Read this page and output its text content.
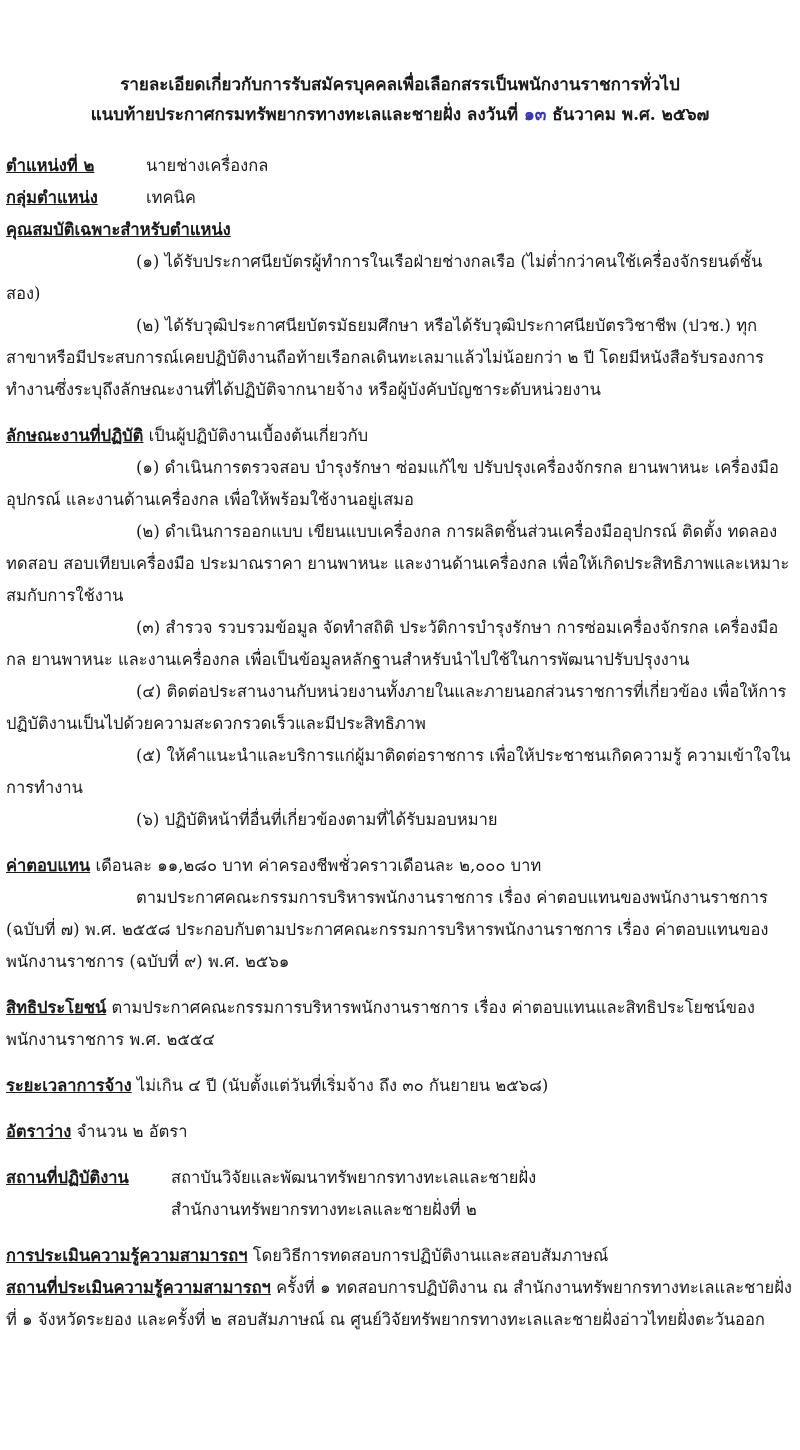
รายละเอียดเกี่ยวกับการรับสมัครบุคคลเพื่อเลือกสรรเป็นพนักงานราชการทั่วไป

แนบท้ายประกาศกรมทรัพยากรทางทะเลและชายฝั่ง ลงวันที่ ๑๓ ธันวาคม พ.ศ. ๒๕๖๗

ตำแหน่งที่ ๒	นายช่างเครื่องกล
กลุ่มตำแหน่ง	เทคนิค

คุณสมบัติเฉพาะสำหรับตำแหน่ง

(๑) ได้รับประกาศนียบัตรผู้ทำการในเรือฝ่ายช่างกลเรือ (ไม่ต่ำกว่าคนใช้เครื่องจักรยนต์ชั้นสอง)

(๒) ได้รับวุฒิประกาศนียบัตรมัธยมศึกษา หรือได้รับวุฒิประกาศนียบัตรวิชาชีพ (ปวช.) ทุกสาขาหรือมีประสบการณ์เคยปฏิบัติงานถือท้ายเรือกลเดินทะเลมาแล้วไม่น้อยกว่า ๒ ปี โดยมีหนังสือรับรองการทำงานซึ่งระบุถึงลักษณะงานที่ได้ปฏิบัติจากนายจ้าง หรือผู้บังคับบัญชาระดับหน่วยงาน

ลักษณะงานที่ปฏิบัติ เป็นผู้ปฏิบัติงานเบื้องต้นเกี่ยวกับ

(๑) ดำเนินการตรวจสอบ บำรุงรักษา ซ่อมแก้ไข ปรับปรุงเครื่องจักรกล ยานพาหนะ เครื่องมือ อุปกรณ์ และงานด้านเครื่องกล เพื่อให้พร้อมใช้งานอยู่เสมอ

(๒) ดำเนินการออกแบบ เขียนแบบเครื่องกล การผลิตชิ้นส่วนเครื่องมืออุปกรณ์ ติดตั้ง ทดลอง ทดสอบ สอบเทียบเครื่องมือ ประมาณราคา ยานพาหนะ และงานด้านเครื่องกล เพื่อให้เกิดประสิทธิภาพและเหมาะสมกับการใช้งาน

(๓) สำรวจ รวบรวมข้อมูล จัดทำสถิติ ประวัติการบำรุงรักษา การซ่อมเครื่องจักรกล เครื่องมือกล ยานพาหนะ และงานเครื่องกล เพื่อเป็นข้อมูลหลักฐานสำหรับนำไปใช้ในการพัฒนาปรับปรุงงาน

(๔) ติดต่อประสานงานกับหน่วยงานทั้งภายในและภายนอกส่วนราชการที่เกี่ยวข้อง เพื่อให้การปฏิบัติงานเป็นไปด้วยความสะดวกรวดเร็วและมีประสิทธิภาพ

(๕) ให้คำแนะนำและบริการแก่ผู้มาติดต่อราชการ เพื่อให้ประชาชนเกิดความรู้ ความเข้าใจในการทำงาน

(๖) ปฏิบัติหน้าที่อื่นที่เกี่ยวข้องตามที่ได้รับมอบหมาย

ค่าตอบแทน เดือนละ ๑๑,๒๘๐ บาท ค่าครองชีพชั่วคราวเดือนละ ๒,๐๐๐ บาท

ตามประกาศคณะกรรมการบริหารพนักงานราชการ เรื่อง ค่าตอบแทนของพนักงานราชการ (ฉบับที่ ๗) พ.ศ. ๒๕๕๘ ประกอบกับตามประกาศคณะกรรมการบริหารพนักงานราชการ เรื่อง ค่าตอบแทนของพนักงานราชการ (ฉบับที่ ๙) พ.ศ. ๒๕๖๑

สิทธิประโยชน์ ตามประกาศคณะกรรมการบริหารพนักงานราชการ เรื่อง ค่าตอบแทนและสิทธิประโยชน์ของพนักงานราชการ พ.ศ. ๒๕๕๔

ระยะเวลาการจ้าง ไม่เกิน ๔ ปี (นับตั้งแต่วันที่เริ่มจ้าง ถึง ๓๐ กันยายน ๒๕๖๘)

อัตราว่าง จำนวน ๒ อัตรา

สถานที่ปฏิบัติงาน	สถาบันวิจัยและพัฒนาทรัพยากรทางทะเลและชายฝั่ง

สำนักงานทรัพยากรทางทะเลและชายฝั่งที่ ๒

การประเมินความรู้ความสามารถฯ โดยวิธีการทดสอบการปฏิบัติงานและสอบสัมภาษณ์

สถานที่ประเมินความรู้ความสามารถฯ ครั้งที่ ๑ ทดสอบการปฏิบัติงาน ณ สำนักงานทรัพยากรทางทะเลและชายฝั่งที่ ๑ จังหวัดระยอง และครั้งที่ ๒ สอบสัมภาษณ์ ณ ศูนย์วิจัยทรัพยากรทางทะเลและชายฝั่งอ่าวไทยฝั่งตะวันออก
